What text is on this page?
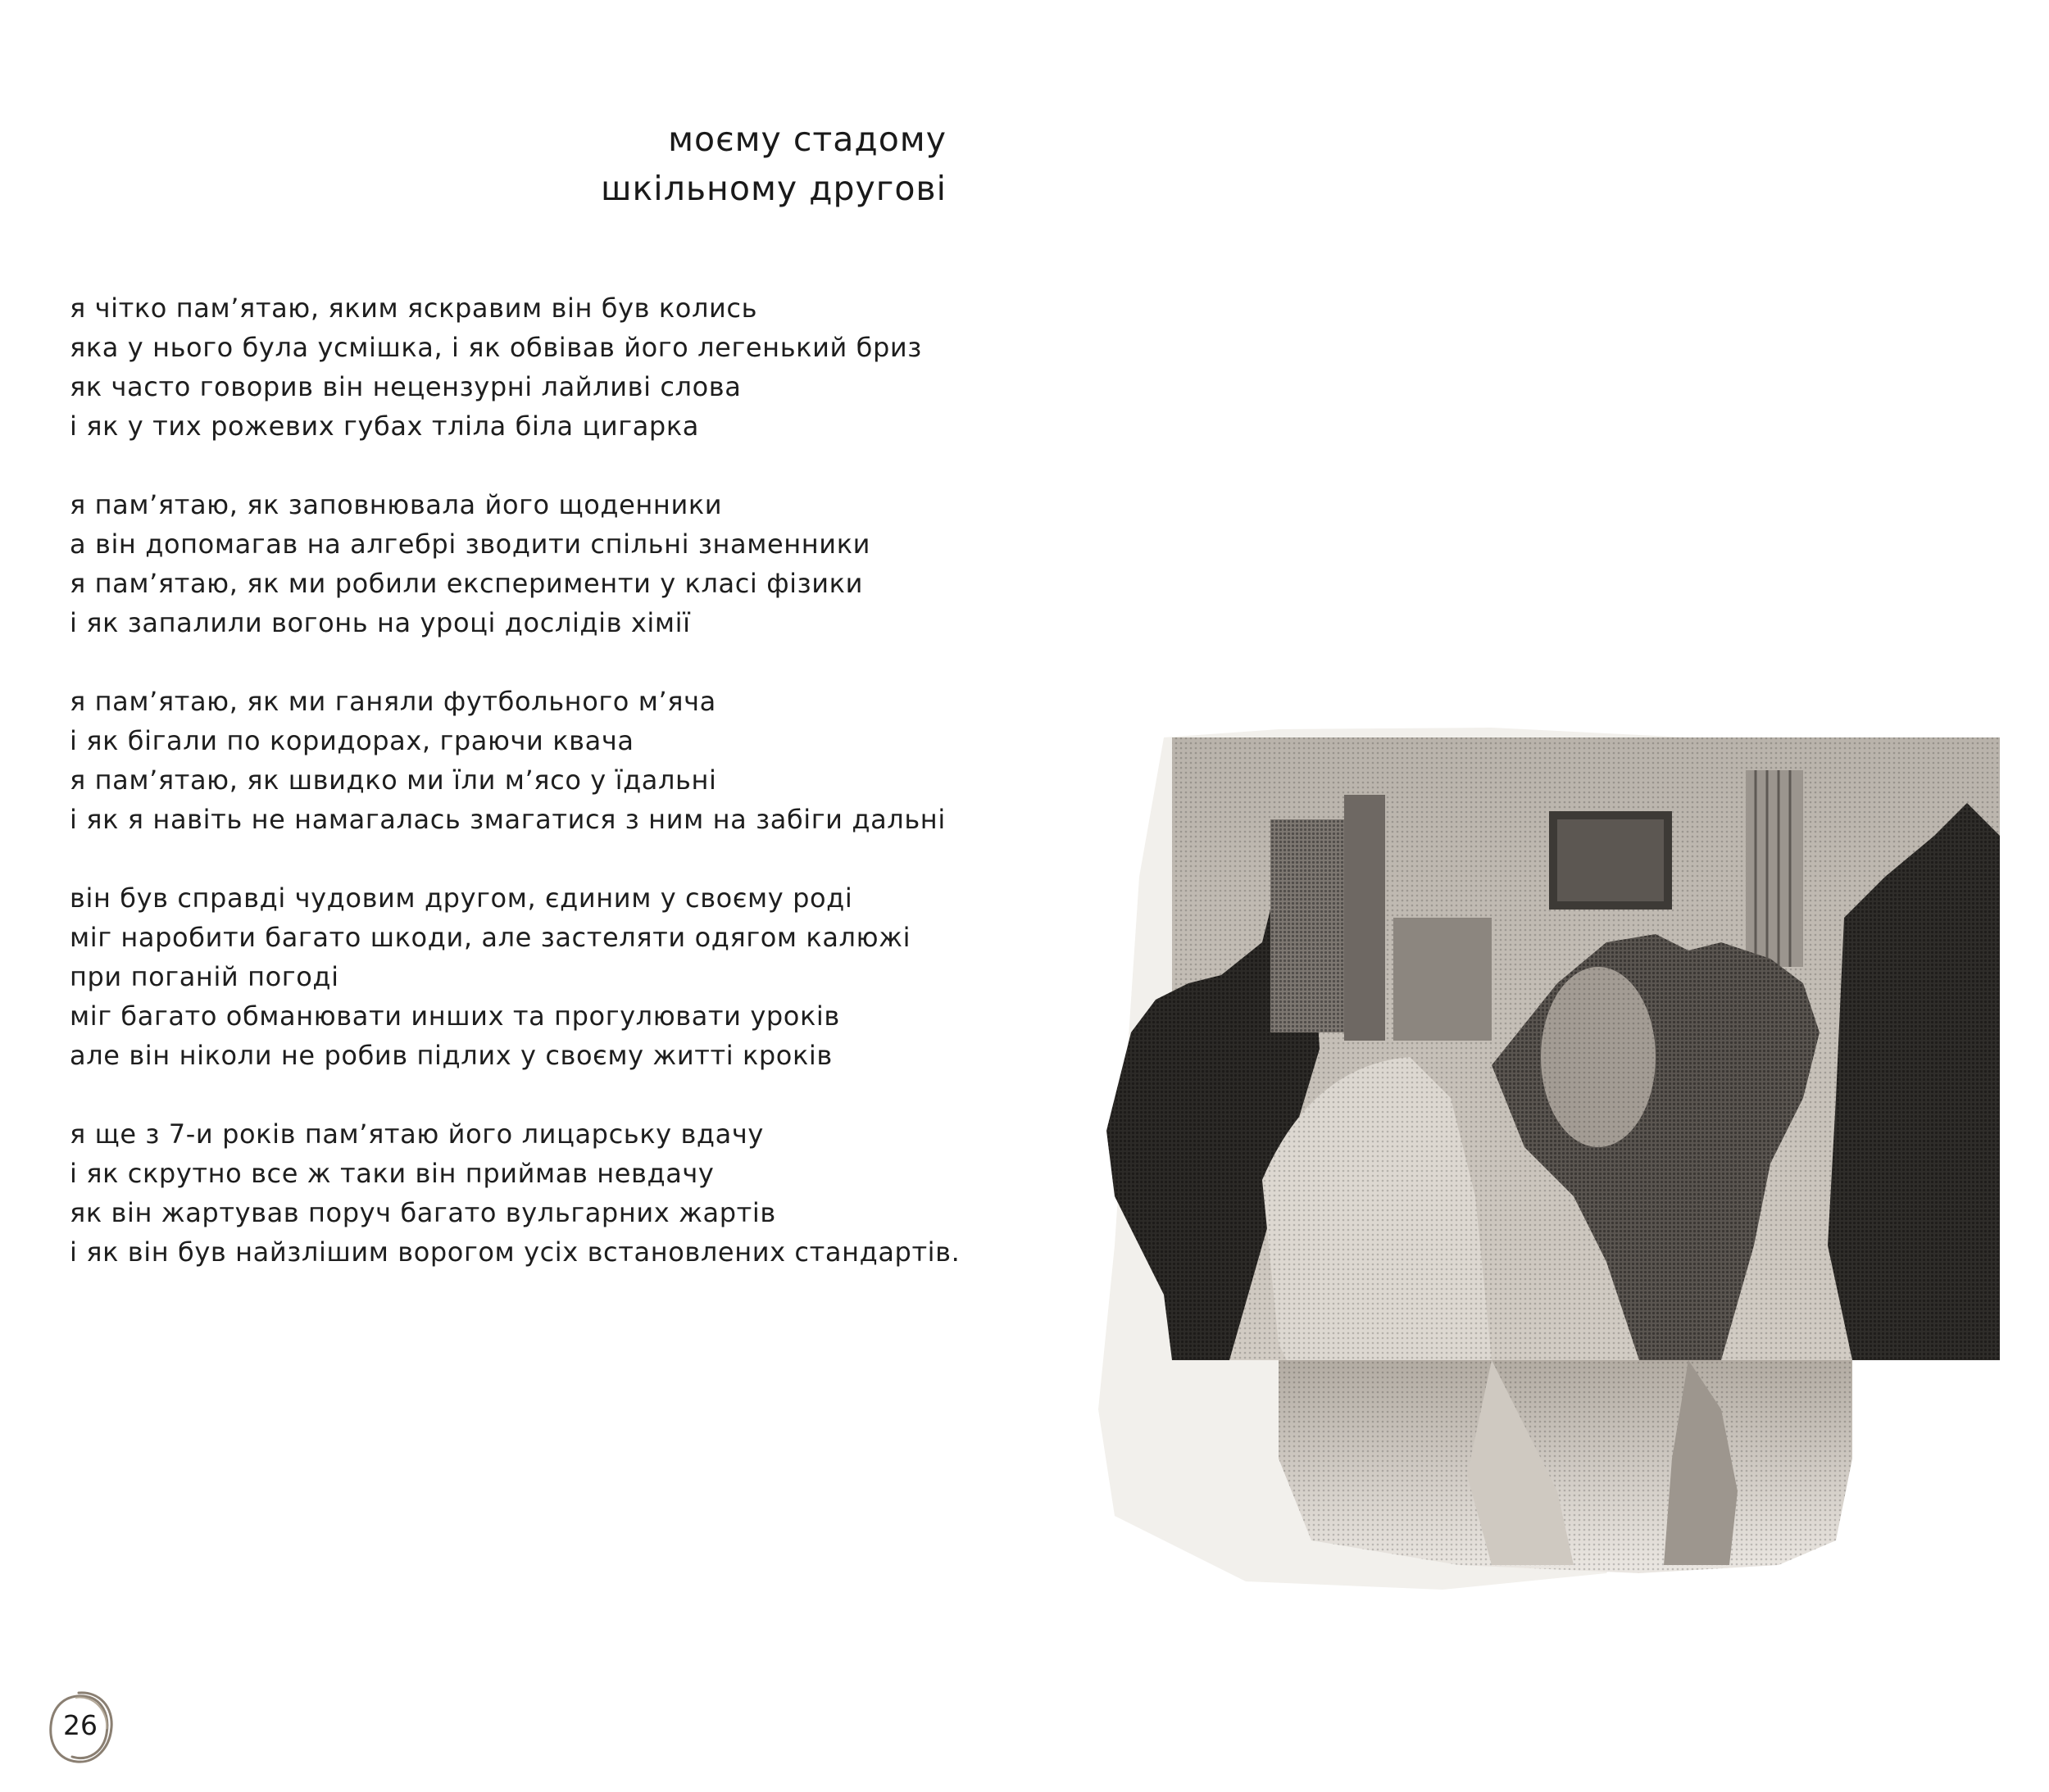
моєму стадому
шкільному другові
я чітко пам’ятаю, яким яскравим він був колись
яка у нього була усмішка, і як обвівав його легенький бриз
як часто говорив він нецензурні лайливі слова
і як у тих рожевих губах тліла біла цигарка
я пам’ятаю, як заповнювала його щоденники
а він допомагав на алгебрі зводити спільні знаменники
я пам’ятаю, як ми робили експерименти у класі фізики
і як запалили вогонь на уроці дослідів хімії
я пам’ятаю, як ми ганяли футбольного м’яча
і як бігали по коридорах, граючи квача
я пам’ятаю, як швидко ми їли м’ясо у їдальні
і як я навіть не намагалась змагатися з ним на забіги дальні
він був справді чудовим другом, єдиним у своєму роді
міг наробити багато шкоди, але застеляти одягом калюжі
при поганій погоді
міг багато обманювати инших та прогулювати уроків
але він ніколи не робив підлих у своєму житті кроків
я ще з 7-и років пам’ятаю його лицарську вдачу
і як скрутно все ж таки він приймав невдачу
як він жартував поруч багато вульгарних жартів
і як він був найзлішим ворогом усіх встановлених стандартів.
26
